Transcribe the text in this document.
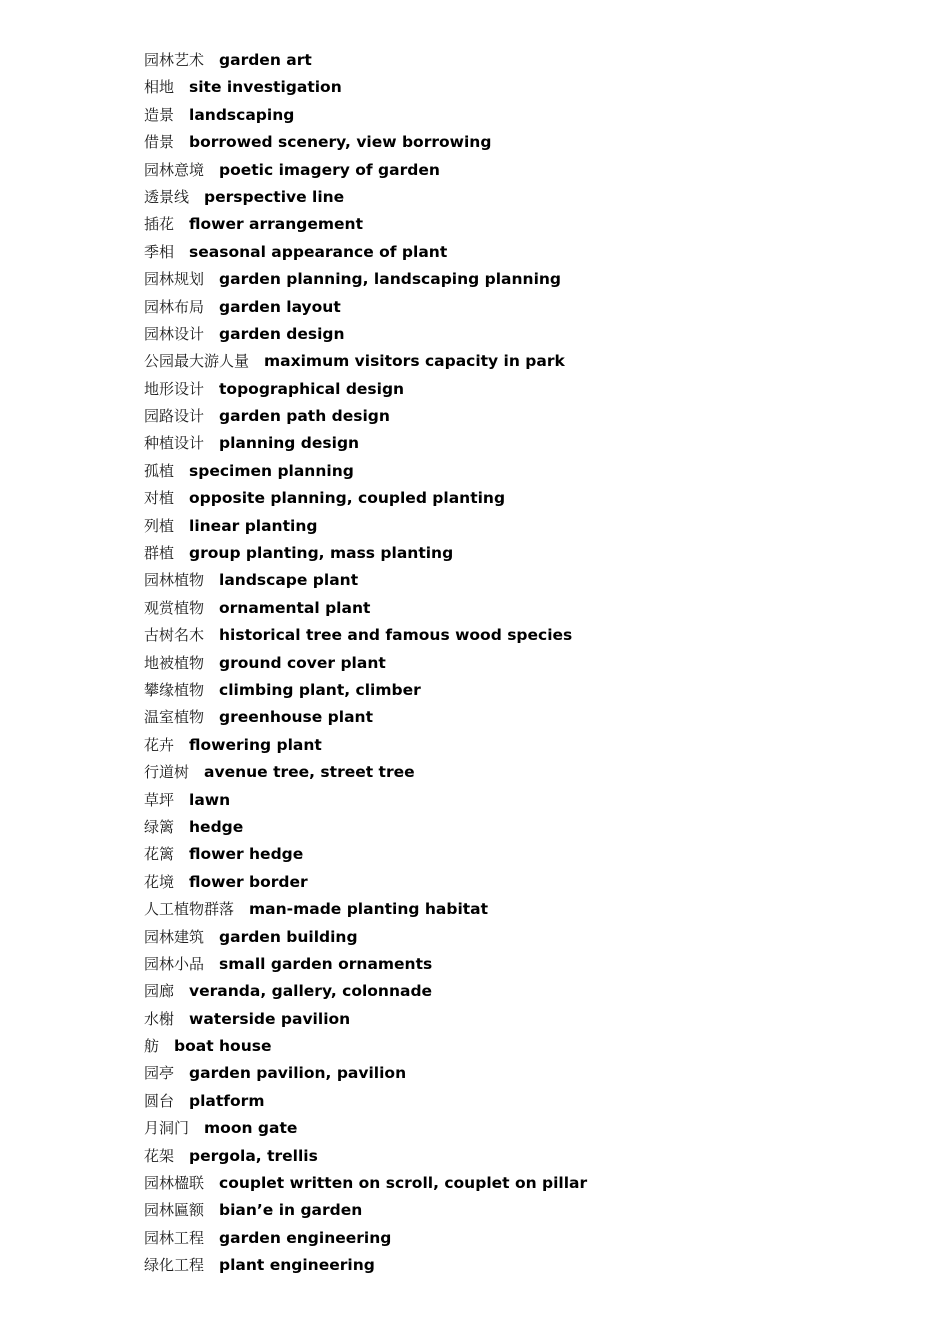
园林艺术 garden art
相地 site investigation
造景 landscaping
借景 borrowed scenery, view borrowing
园林意境 poetic imagery of garden
透景线 perspective line
插花 flower arrangement
季相 seasonal appearance of plant
园林规划 garden planning, landscaping planning
园林布局 garden layout
园林设计 garden design
公园最大游人量 maximum visitors capacity in park
地形设计 topographical design
园路设计 garden path design
种植设计 planning design
孤植 specimen planning
对植 opposite planning, coupled planting
列植 linear planting
群植 group planting, mass planting
园林植物 landscape plant
观赏植物 ornamental plant
古树名木 historical tree and famous wood species
地被植物 ground cover plant
攀缘植物 climbing plant, climber
温室植物 greenhouse plant
花卉 flowering plant
行道树 avenue tree, street tree
草坪 lawn
绿篱 hedge
花篱 flower hedge
花境 flower border
人工植物群落 man-made planting habitat
园林建筑 garden building
园林小品 small garden ornaments
园廊 veranda, gallery, colonnade
水榭 waterside pavilion
舫 boat house
园亭 garden pavilion, pavilion
圆台 platform
月洞门 moon gate
花架 pergola, trellis
园林楹联 couplet written on scroll, couplet on pillar
园林匾额 bian’e in garden
园林工程 garden engineering
绿化工程 plant engineering
